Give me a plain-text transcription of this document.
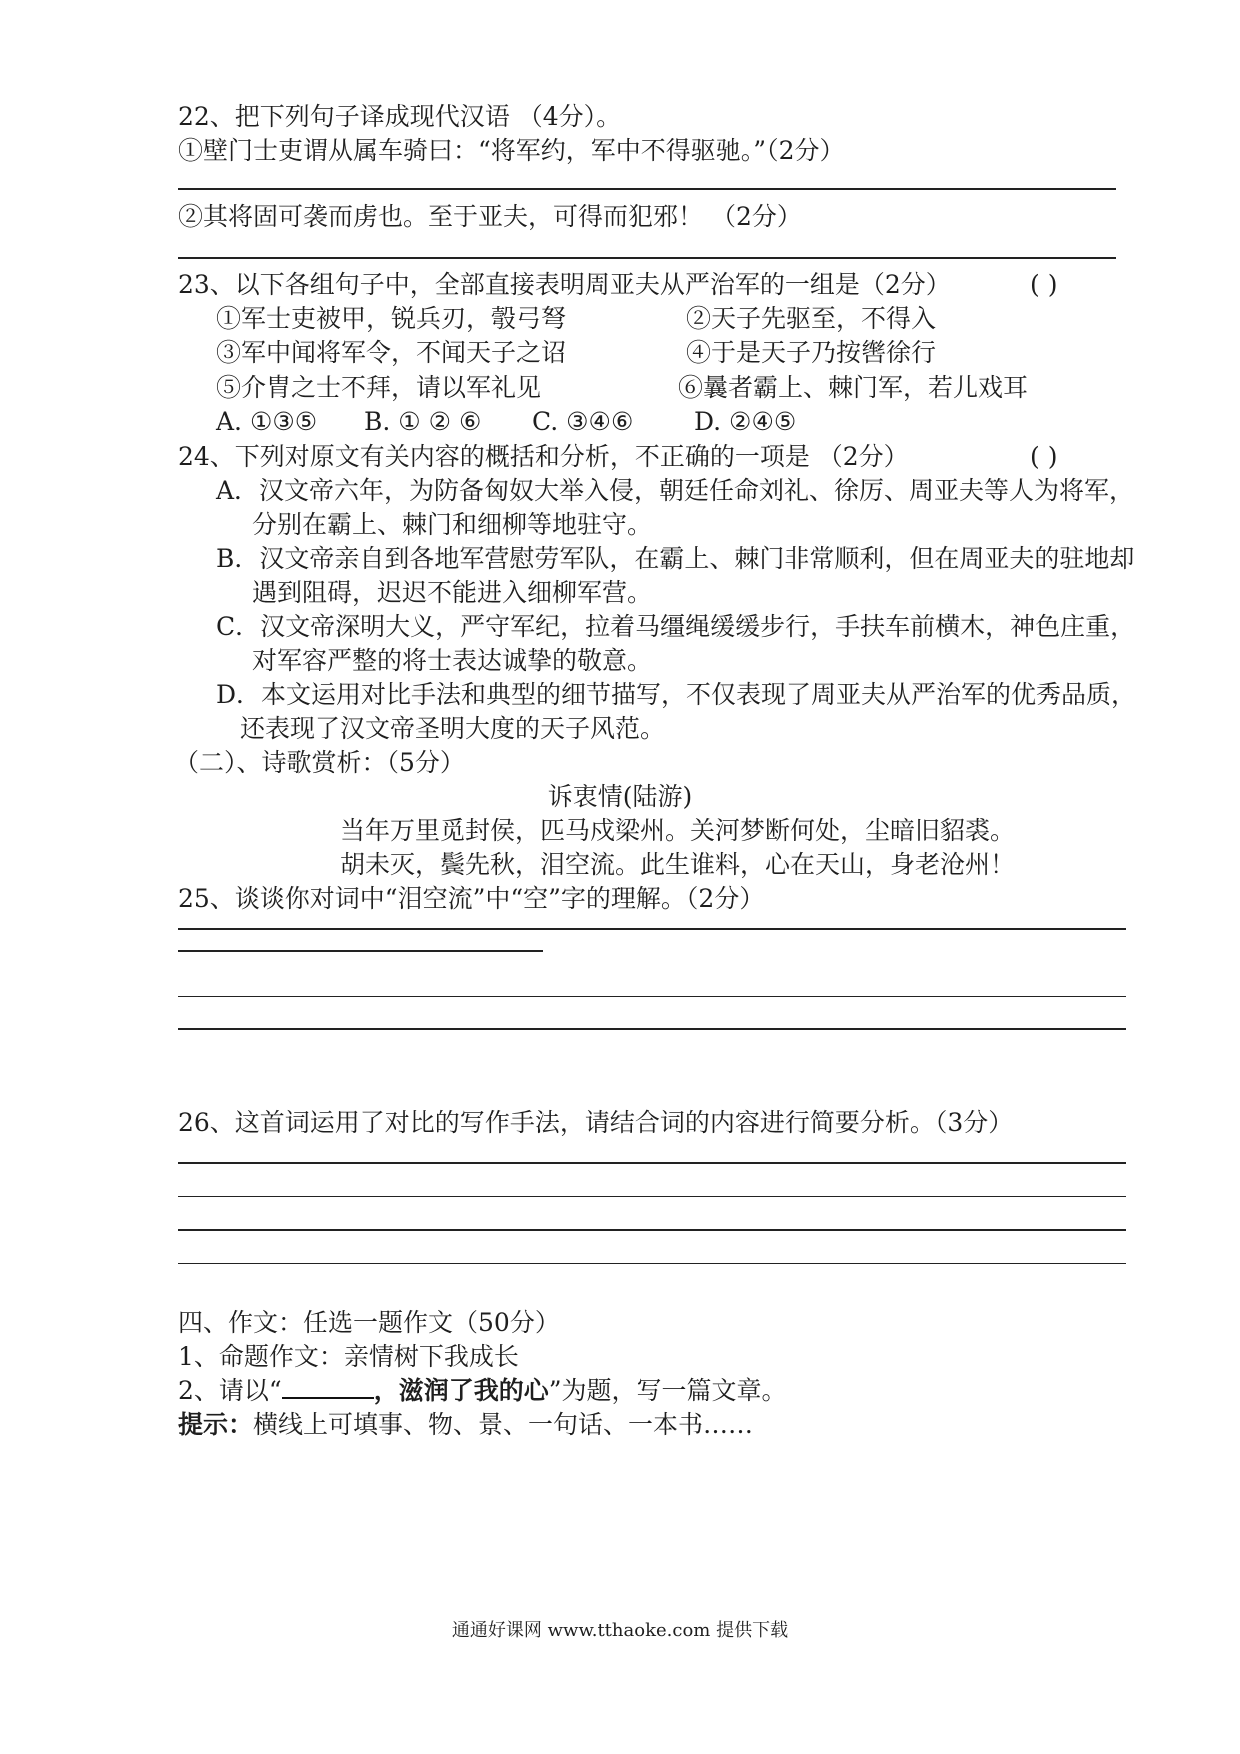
22、把下列句子译成现代汉语 （4分）。
①壁门士吏谓从属车骑曰：“将军约，军中不得驱驰。”（2分）
②其将固可袭而虏也。至于亚夫，可得而犯邪！ （2分）
23、以下各组句子中，全部直接表明周亚夫从严治军的一组是（2分）	( )
①军士吏被甲，锐兵刃，彀弓弩	②天子先驱至，不得入
③军中闻将军令，不闻天子之诏	④于是天子乃按辔徐行
⑤介胄之士不拜，请以军礼见	⑥曩者霸上、棘门军，若儿戏耳
A. ①③⑤ B. ① ② ⑥ C. ③④⑥ D. ②④⑤
24、下列对原文有关内容的概括和分析，不正确的一项是 （2分）	( )
A．汉文帝六年，为防备匈奴大举入侵，朝廷任命刘礼、徐厉、周亚夫等人为将军，
分别在霸上、棘门和细柳等地驻守。
B．汉文帝亲自到各地军营慰劳军队，在霸上、棘门非常顺利，但在周亚夫的驻地却
遇到阻碍，迟迟不能进入细柳军营。
C．汉文帝深明大义，严守军纪，拉着马缰绳缓缓步行，手扶车前横木，神色庄重，
对军容严整的将士表达诚挚的敬意。
D．本文运用对比手法和典型的细节描写，不仅表现了周亚夫从严治军的优秀品质，
还表现了汉文帝圣明大度的天子风范。
（二）、诗歌赏析：（5分）
诉衷情(陆游)
当年万里觅封侯，匹马戍梁州。关河梦断何处，尘暗旧貂裘。
胡未灭，鬓先秋，泪空流。此生谁料，心在天山，身老沧州！
25、谈谈你对词中“泪空流”中“空”字的理解。（2分）
26、这首词运用了对比的写作手法，请结合词的内容进行简要分析。（3分）
四、作文：任选一题作文（50分）
1、命题作文：亲情树下我成长
2、请以“	，滋润了我的心”为题，写一篇文章。
提示：横线上可填事、物、景、一句话、一本书……
通通好课网 www.tthaoke.com 提供下载
